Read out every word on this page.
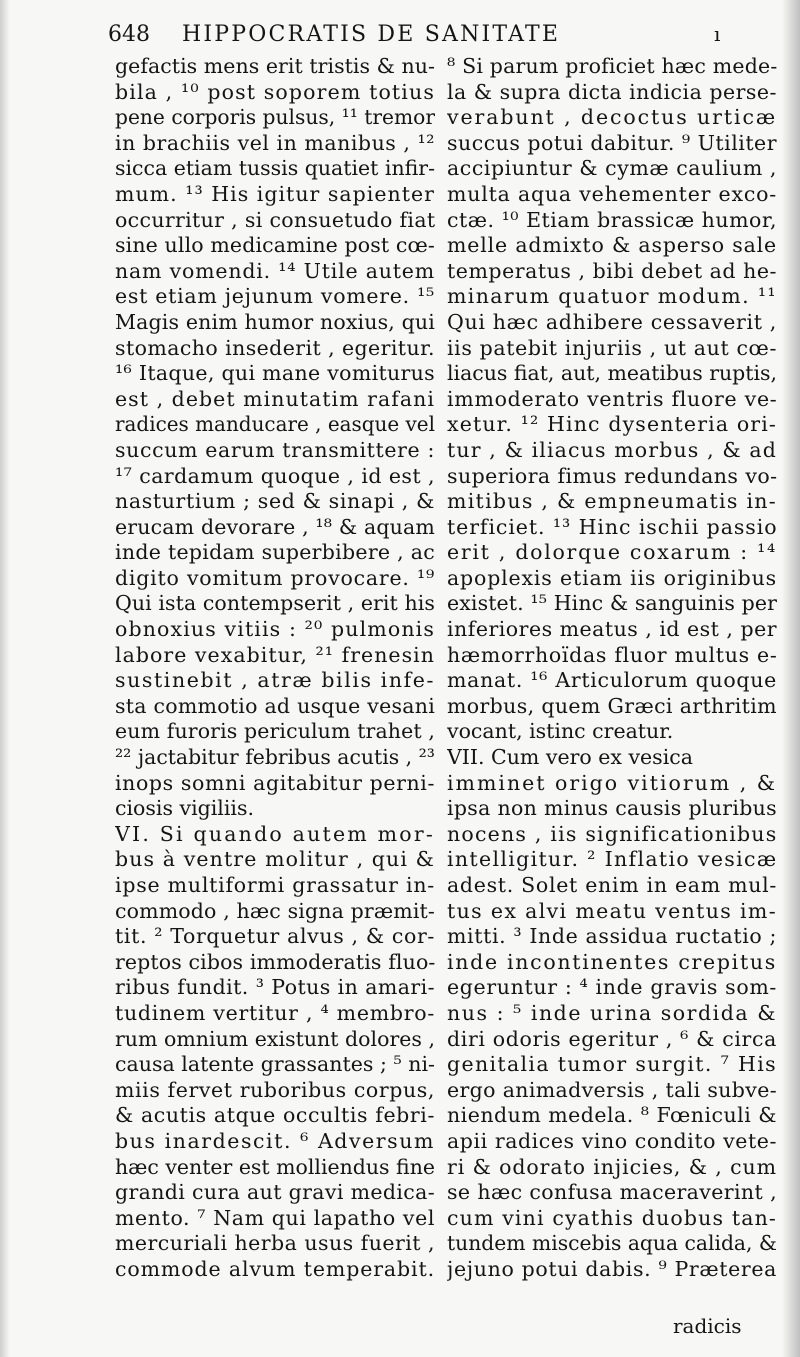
648 HIPPOCRATIS DE SANITATE	ı
gefactis mens erit tristis & nu-
bila , ¹⁰ post soporem totius
pene corporis pulsus, ¹¹ tremor
in brachiis vel in manibus , ¹²
sicca etiam tussis quatiet infir-
mum. ¹³ His igitur sapienter
occurritur , si consuetudo fiat
sine ullo medicamine post cœ-
nam vomendi. ¹⁴ Utile autem
est etiam jejunum vomere. ¹⁵
Magis enim humor noxius, qui
stomacho insederit , egeritur.
¹⁶ Itaque, qui mane vomiturus
est , debet minutatim rafani
radices manducare , easque vel
succum earum transmittere :
¹⁷ cardamum quoque , id est ,
nasturtium ; sed & sinapi , &
erucam devorare , ¹⁸ & aquam
inde tepidam superbibere , ac
digito vomitum provocare. ¹⁹
Qui ista contempserit , erit his
obnoxius vitiis : ²⁰ pulmonis
labore vexabitur, ²¹ frenesin
sustinebit , atræ bilis infe-
sta commotio ad usque vesani
eum furoris periculum trahet ,
²² jactabitur febribus acutis , ²³
inops somni agitabitur perni-
ciosis vigiliis.
VI. Si quando autem mor-
bus à ventre molitur , qui &
ipse multiformi grassatur in-
commodo , hæc signa præmit-
tit. ² Torquetur alvus , & cor-
reptos cibos immoderatis fluo-
ribus fundit. ³ Potus in amari-
tudinem vertitur , ⁴ membro-
rum omnium existunt dolores ,
causa latente grassantes ; ⁵ ni-
miis fervet ruboribus corpus,
& acutis atque occultis febri-
bus inardescit. ⁶ Adversum
hæc venter est molliendus fine
grandi cura aut gravi medica-
mento. ⁷ Nam qui lapatho vel
mercuriali herba usus fuerit ,
commode alvum temperabit.
⁸ Si parum proficiet hæc mede-
la & supra dicta indicia perse-
verabunt , decoctus urticæ
succus potui dabitur. ⁹ Utiliter
accipiuntur & cymæ caulium ,
multa aqua vehementer exco-
ctæ. ¹⁰ Etiam brassicæ humor,
melle admixto & asperso sale
temperatus , bibi debet ad he-
minarum quatuor modum. ¹¹
Qui hæc adhibere cessaverit ,
iis patebit injuriis , ut aut cœ-
liacus fiat, aut, meatibus ruptis,
immoderato ventris fluore ve-
xetur. ¹² Hinc dysenteria ori-
tur , & iliacus morbus , & ad
superiora fimus redundans vo-
mitibus , & empneumatis in-
terficiet. ¹³ Hinc ischii passio
erit , dolorque coxarum : ¹⁴
apoplexis etiam iis originibus
existet. ¹⁵ Hinc & sanguinis per
inferiores meatus , id est , per
hæmorrhoïdas fluor multus e-
manat. ¹⁶ Articulorum quoque
morbus, quem Græci arthritim
vocant, istinc creatur.
VII. Cum vero ex vesica
imminet origo vitiorum , &
ipsa non minus causis pluribus
nocens , iis significationibus
intelligitur. ² Inflatio vesicæ
adest. Solet enim in eam mul-
tus ex alvi meatu ventus im-
mitti. ³ Inde assidua ructatio ;
inde incontinentes crepitus
egeruntur : ⁴ inde gravis som-
nus : ⁵ inde urina sordida &
diri odoris egeritur , ⁶ & circa
genitalia tumor surgit. ⁷ His
ergo animadversis , tali subve-
niendum medela. ⁸ Fœniculi &
apii radices vino condito vete-
ri & odorato injicies, & , cum
se hæc confusa maceraverint ,
cum vini cyathis duobus tan-
tundem miscebis aqua calida, &
jejuno potui dabis. ⁹ Præterea
radicis
